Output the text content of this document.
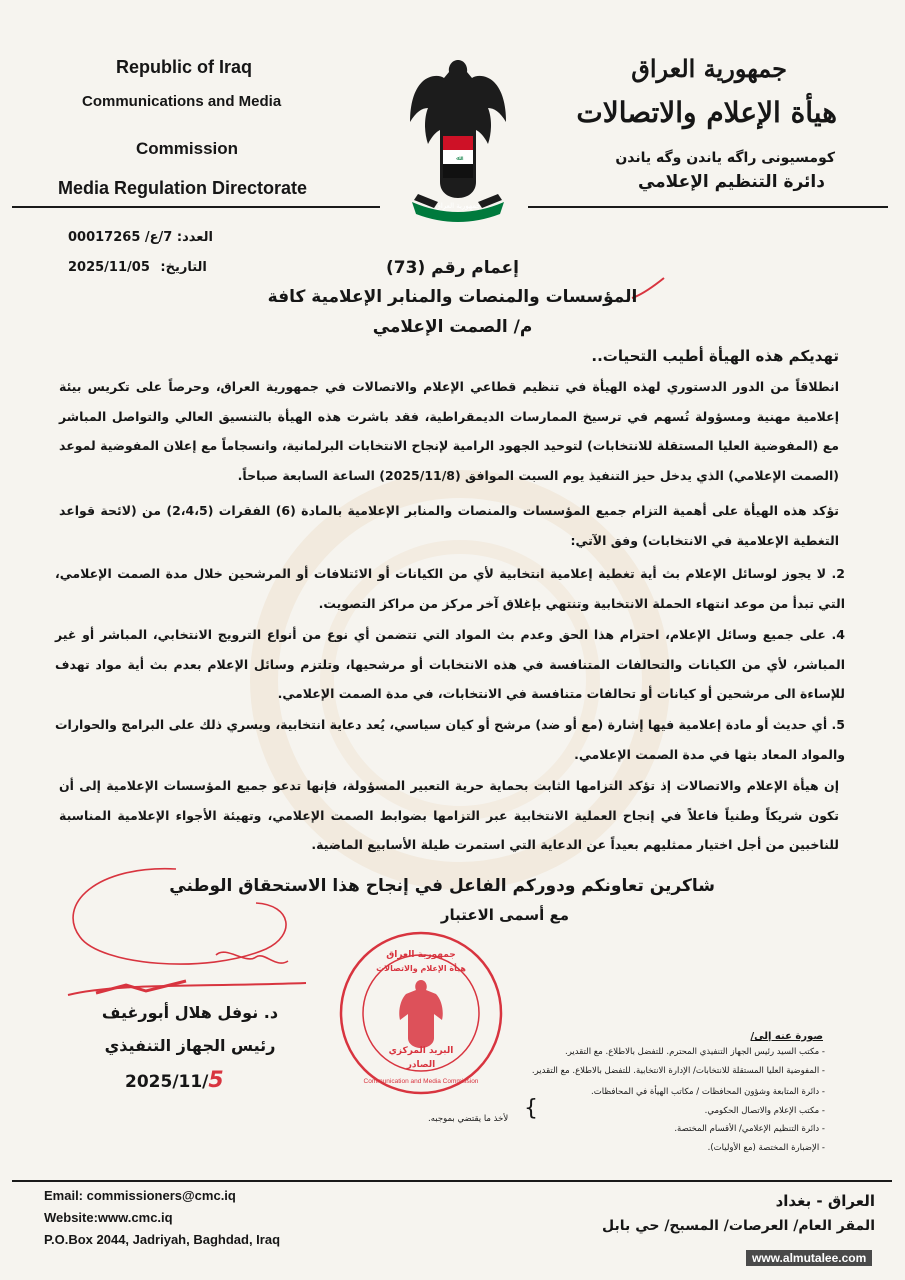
Republic of Iraq
Communications and Media
Commission
Media Regulation Directorate
ﷲ
جمهورية العراق
جمهورية العراق
هيأة الإعلام والاتصالات
كومسيونى راگه ياندن وگه ياندن
دائرة التنظيم الإعلامي
00017265 العدد: 7/ع/
2025/11/05 التاريخ:	إعمام رقم (73)
المؤسسات والمنصات والمنابر الإعلامية كافة
م/ الصمت الإعلامي
تهديكم هذه الهيأة أطيب التحيات..
انطلاقاً من الدور الدستوري لهذه الهيأة في تنظيم قطاعي الإعلام والاتصالات في جمهورية العراق، وحرصاً على تكريس بيئة إعلامية مهنية ومسؤولة تُسهم في ترسيخ الممارسات الديمقراطية، فقد باشرت هذه الهيأة بالتنسيق العالي والتواصل المباشر مع (المفوضية العليا المستقلة للانتخابات) لتوحيد الجهود الرامية لإنجاح الانتخابات البرلمانية، وانسجاماً مع إعلان المفوضية لموعد (الصمت الإعلامي) الذي يدخل حيز التنفيذ يوم السبت الموافق (2025/11/8) الساعة السابعة صباحاً.
تؤكد هذه الهيأة على أهمية التزام جميع المؤسسات والمنصات والمنابر الإعلامية بالمادة (6) الفقرات (2،4،5) من (لائحة قواعد التغطية الإعلامية في الانتخابات) وفق الآتي:
2. لا يجوز لوسائل الإعلام بث أية تغطية إعلامية انتخابية لأي من الكيانات أو الائتلافات أو المرشحين خلال مدة الصمت الإعلامي، التي تبدأ من موعد انتهاء الحملة الانتخابية وتنتهي بإغلاق آخر مركز من مراكز التصويت.
4. على جميع وسائل الإعلام، احترام هذا الحق وعدم بث المواد التي تتضمن أي نوع من أنواع الترويج الانتخابي، المباشر أو غير المباشر، لأي من الكيانات والتحالفات المتنافسة في هذه الانتخابات أو مرشحيها، وتلتزم وسائل الإعلام بعدم بث أية مواد تهدف للإساءة الى مرشحين أو كيانات أو تحالفات متنافسة في الانتخابات، في مدة الصمت الإعلامي.
5. أي حديث أو مادة إعلامية فيها إشارة (مع أو ضد) مرشح أو كيان سياسي، يُعد دعاية انتخابية، ويسري ذلك على البرامج والحوارات والمواد المعاد بثها في مدة الصمت الإعلامي.
إن هيأة الإعلام والاتصالات إذ تؤكد التزامها الثابت بحماية حرية التعبير المسؤولة، فإنها تدعو جميع المؤسسات الإعلامية إلى أن تكون شريكاً وطنياً فاعلاً في إنجاح العملية الانتخابية عبر التزامها بضوابط الصمت الإعلامي، وتهيئة الأجواء الإعلامية المناسبة للناخبين من أجل اختيار ممثليهم بعيداً عن الدعاية التي استمرت طيلة الأسابيع الماضية.
شاكرين تعاونكم ودوركم الفاعل في إنجاح هذا الاستحقاق الوطني
مع أسمى الاعتبار
د. نوفل هلال أبورغيف
رئيس الجهاز التنفيذي
2025/11/5
جمهورية العراق
هيأة الإعلام والاتصالات
البريد المركزي
الصادر
Communication and Media Commission
صورة عنه إلى/
- مكتب السيد رئيس الجهاز التنفيذي المحترم. للتفضل بالاطلاع. مع التقدير.
- المفوضية العليا المستقلة للانتخابات/ الإدارة الانتخابية. للتفضل بالاطلاع. مع التقدير.
- دائرة المتابعة وشؤون المحافظات / مكاتب الهيأة في المحافظات.
- مكتب الإعلام والاتصال الحكومي.
- دائرة التنظيم الإعلامي/ الأقسام المختصة.
- الإضبارة المختصة (مع الأوليات).
{
لأخذ ما يقتضي بموجبه.
Email: commissioners@cmc.iq
Website:www.cmc.iq
P.O.Box 2044, Jadriyah, Baghdad, Iraq
العراق - بغداد
المقر العام/ العرصات/ المسبح/ حي بابل
www.almutalee.com
